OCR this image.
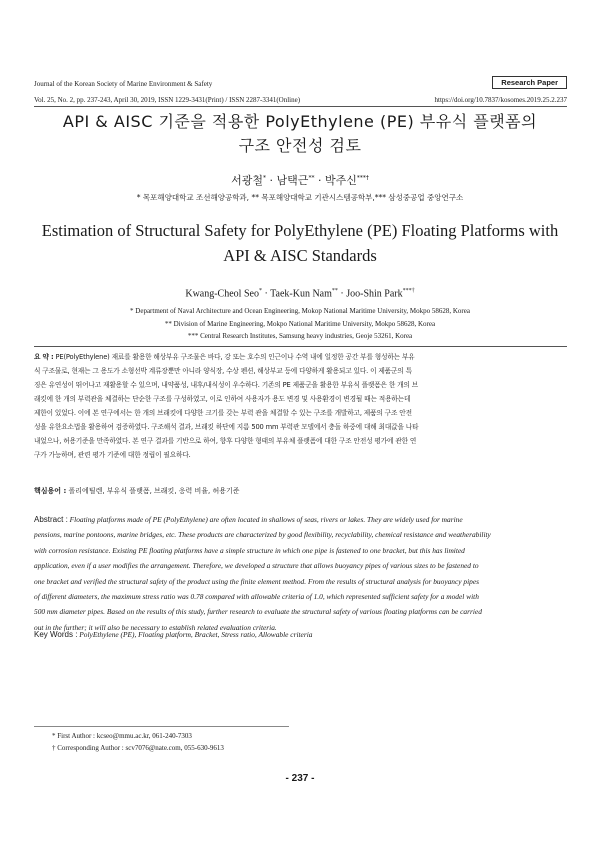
Journal of the Korean Society of Marine Environment & Safety	Research Paper
Vol. 25, No. 2, pp. 237-243, April 30, 2019, ISSN 1229-3431(Print) / ISSN 2287-3341(Online)	https://doi.org/10.7837/kosomes.2019.25.2.237
API & AISC 기준을 적용한 PolyEthylene (PE) 부유식 플랫폼의
구조 안전성 검토
서광철* · 남택근** · 박주신***†
* 목포해양대학교 조선해양공학과, ** 목포해양대학교 기관시스템공학부,*** 삼성중공업 중앙연구소
Estimation of Structural Safety for PolyEthylene (PE) Floating Platforms with
API & AISC Standards
Kwang-Cheol Seo* · Taek-Kun Nam** · Joo-Shin Park***†
* Department of Naval Architecture and Ocean Engineering, Mokop National Maritime University, Mokpo 58628, Korea
** Division of Marine Engineering, Mokpo National Maritime University, Mokpo 58628, Korea
*** Central Research Institutes, Samsung heavy industries, Geoje 53261, Korea
요 약 : PE(PolyEthylene) 재료를 활용한 해상부유 구조물은 바다, 강 또는 호수의 인근이나 수역 내에 일정한 공간 부를 형성하는 부유
식 구조물로, 현재는 그 용도가 소형선박 계류장뿐만 아니라 양식장, 수상 펜션, 해상부교 등에 다양하게 활용되고 있다. 이 제품군의 특
징은 유연성이 뛰어나고 재활용할 수 있으며, 내약품성, 내후/내식성이 우수하다. 기존의 PE 제품군을 활용한 부유식 플랫폼은 한 개의 브
래킷에 한 개의 부력관을 체결하는 단순한 구조를 구성하였고, 이로 인하여 사용자가 용도 변경 및 사용환경이 변경될 때는 적용하는데
제한이 있었다. 이에 본 연구에서는 한 개의 브래킷에 다양한 크기를 갖는 부력 관을 체결할 수 있는 구조를 개발하고, 제품의 구조 안전
성을 유한요소법을 활용하여 검증하였다. 구조해석 결과, 브래킷 하단에 지름 500 mm 부력관 모델에서 충돌 하중에 대해 최대값을 나타
내었으나, 허용기준을 만족하였다. 본 연구 결과를 기반으로 하여, 향후 다양한 형태의 부유체 플랫폼에 대한 구조 안전성 평가에 관한 연
구가 가능하며, 관련 평가 기준에 대한 정립이 필요하다.
핵심용어 : 폴리에틸렌, 부유식 플랫폼, 브래킷, 응력 비율, 허용기준
Abstract : Floating platforms made of PE (PolyEthylene) are often located in shallows of seas, rivers or lakes. They are widely used for marine
pensions, marine pontoons, marine bridges, etc. These products are characterized by good flexibility, recyclability, chemical resistance and weatherability
with corrosion resistance. Existing PE floating platforms have a simple structure in which one pipe is fastened to one bracket, but this has limited
application, even if a user modifies the arrangement. Therefore, we developed a structure that allows buoyancy pipes of various sizes to be fastened to
one bracket and verified the structural safety of the product using the finite element method. From the results of structural analysis for buoyancy pipes
of different diameters, the maximum stress ratio was 0.78 compared with allowable criteria of 1.0, which represented sufficient safety for a model with
500 mm diameter pipes. Based on the results of this study, further research to evaluate the structural safety of various floating platforms can be carried
out in the further; it will also be necessary to establish related evaluation criteria.
Key Words : PolyEthylene (PE), Floating platform, Bracket, Stress ratio, Allowable criteria
* First Author : kcseo@mmu.ac.kr, 061-240-7303
† Corresponding Author : scv7076@nate.com, 055-630-9613
- 237 -
